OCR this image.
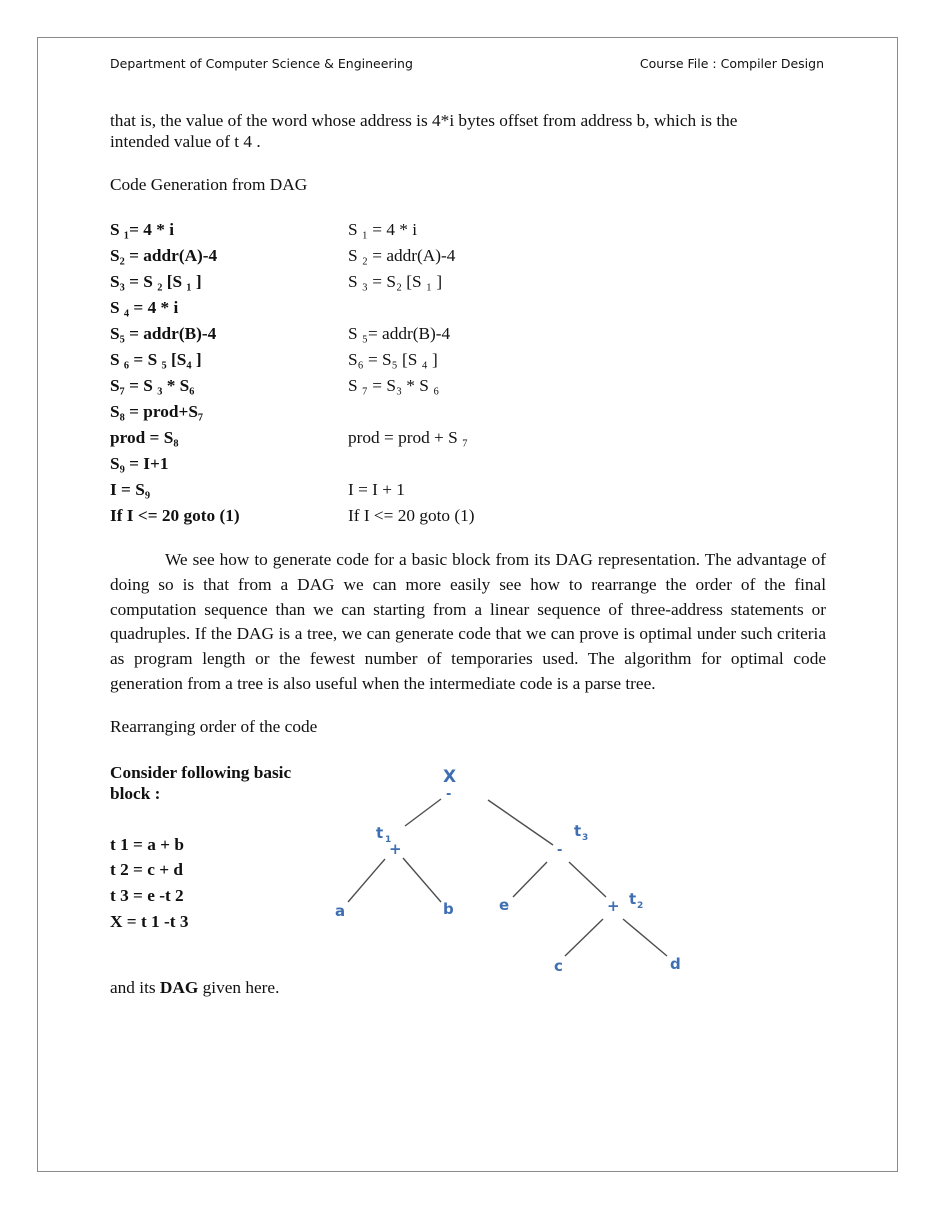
Department of Computer Science & Engineering	Course File : Compiler Design

that is, the value of the word whose address is 4*i bytes offset from address b, which is the
intended value of t 4 .

Code Generation from DAG
S ₁= 4 * i	S ₁ = 4 * i
S₂ = addr(A)-4	S ₂ = addr(A)-4
S₃ = S ₂ [S ₁ ]	S ₃ = S₂ [S ₁ ]
S ₄ = 4 * i
S₅ = addr(B)-4	S ₅= addr(B)-4
S ₆ = S ₅ [S₄ ]	S₆ = S₅ [S ₄ ]
S₇ = S ₃ * S₆	S ₇ = S₃ * S ₆
S₈ = prod+S₇
prod = S₈	prod = prod + S ₇
S₉ = I+1
I = S₉	I = I + 1
If I <= 20 goto (1)	If I <= 20 goto (1)

We see how to generate code for a basic block from its DAG representation. The advantage of doing so is that from a DAG we can more easily see how to rearrange the order of the final computation sequence than we can starting from a linear sequence of three-address statements or quadruples. If the DAG is a tree, we can generate code that we can prove is optimal under such criteria as program length or the fewest number of temporaries used. The algorithm for optimal code generation from a tree is also useful when the intermediate code is a parse tree.

Rearranging order of the code
Consider following basic block :
t 1 = a + b
t 2 = c + d
t 3 = e -t 2
X = t 1 -t 3
and its DAG given here.
X
-
t 1
+
t 3
-
t 2
+
a	b	e
c	d
